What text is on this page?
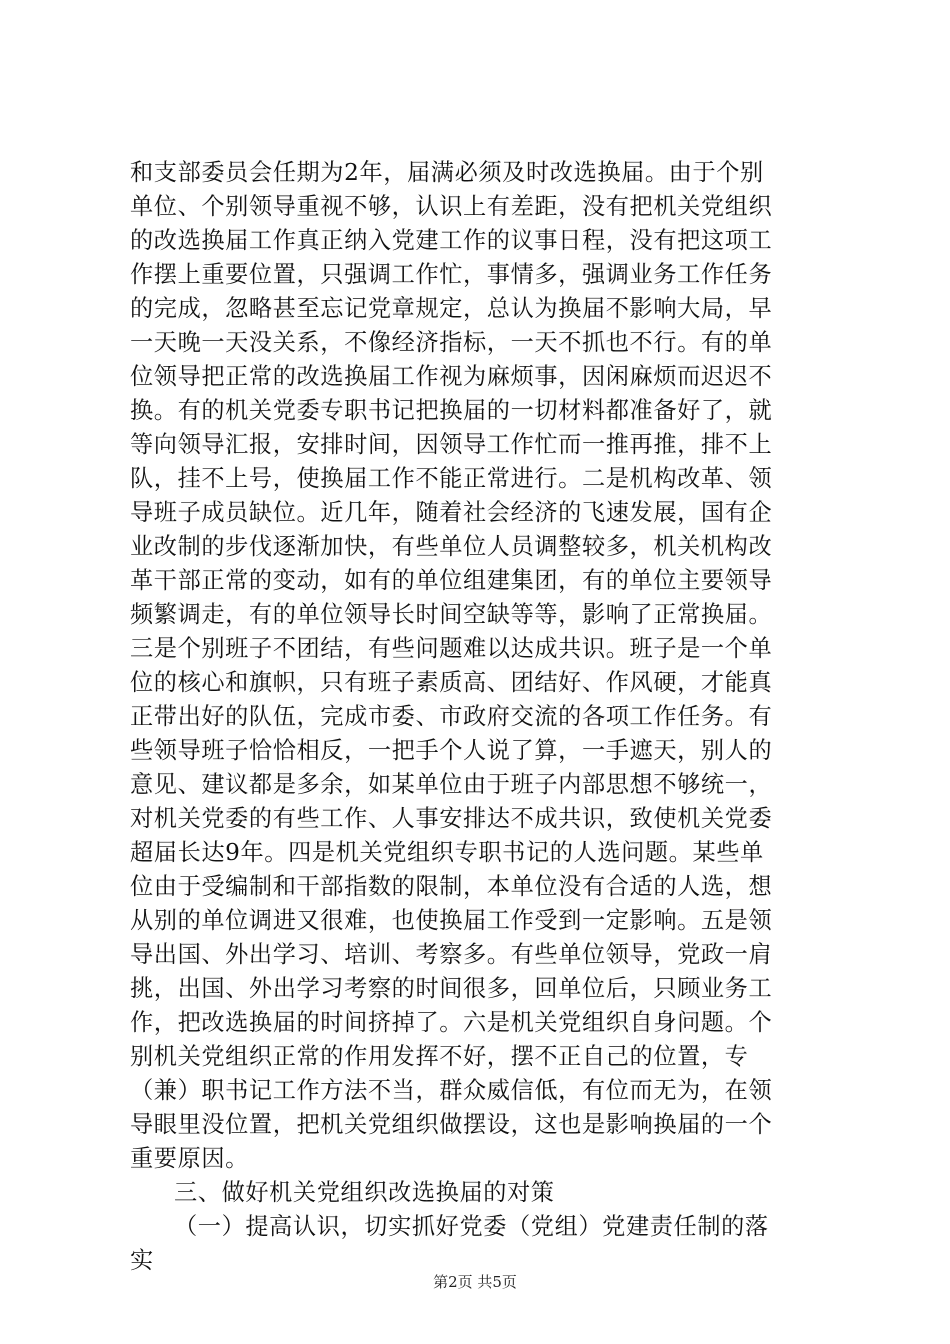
和支部委员会任期为2年，届满必须及时改选换届。由于个别
单位、个别领导重视不够，认识上有差距，没有把机关党组织
的改选换届工作真正纳入党建工作的议事日程，没有把这项工
作摆上重要位置，只强调工作忙，事情多，强调业务工作任务
的完成，忽略甚至忘记党章规定，总认为换届不影响大局，早
一天晚一天没关系，不像经济指标，一天不抓也不行。有的单
位领导把正常的改选换届工作视为麻烦事，因闲麻烦而迟迟不
换。有的机关党委专职书记把换届的一切材料都准备好了，就
等向领导汇报，安排时间，因领导工作忙而一推再推，排不上
队，挂不上号，使换届工作不能正常进行。二是机构改革、领
导班子成员缺位。近几年，随着社会经济的飞速发展，国有企
业改制的步伐逐渐加快，有些单位人员调整较多，机关机构改
革干部正常的变动，如有的单位组建集团，有的单位主要领导
频繁调走，有的单位领导长时间空缺等等，影响了正常换届。
三是个别班子不团结，有些问题难以达成共识。班子是一个单
位的核心和旗帜，只有班子素质高、团结好、作风硬，才能真
正带出好的队伍，完成市委、市政府交流的各项工作任务。有
些领导班子恰恰相反，一把手个人说了算，一手遮天，别人的
意见、建议都是多余，如某单位由于班子内部思想不够统一，
对机关党委的有些工作、人事安排达不成共识，致使机关党委
超届长达9年。四是机关党组织专职书记的人选问题。某些单
位由于受编制和干部指数的限制，本单位没有合适的人选，想
从别的单位调进又很难，也使换届工作受到一定影响。五是领
导出国、外出学习、培训、考察多。有些单位领导，党政一肩
挑，出国、外出学习考察的时间很多，回单位后，只顾业务工
作，把改选换届的时间挤掉了。六是机关党组织自身问题。个
别机关党组织正常的作用发挥不好，摆不正自己的位置，专
（兼）职书记工作方法不当，群众威信低，有位而无为，在领
导眼里没位置，把机关党组织做摆设，这也是影响换届的一个
重要原因。
三、做好机关党组织改选换届的对策
（一）提高认识，切实抓好党委（党组）党建责任制的落
实
第2页 共5页
